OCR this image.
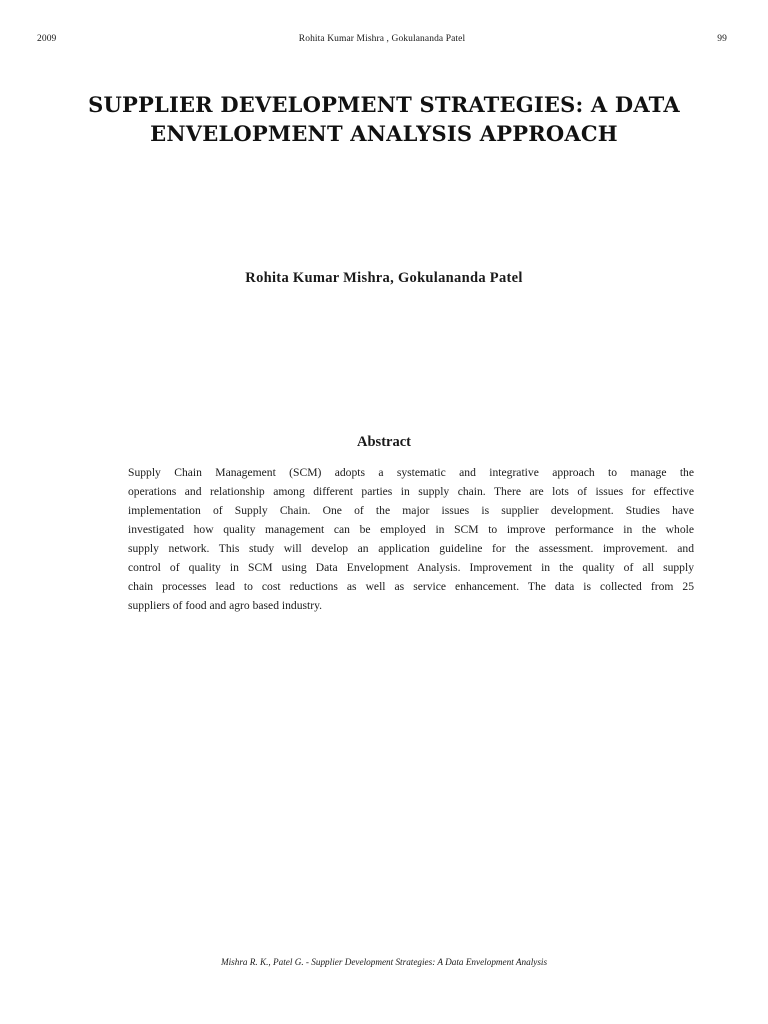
2009	Rohita Kumar Mishra , Gokulananda Patel	99
SUPPLIER DEVELOPMENT STRATEGIES: A DATA
ENVELOPMENT ANALYSIS APPROACH
Rohita Kumar Mishra, Gokulananda Patel
Abstract
Supply Chain Management (SCM) adopts a systematic and integrative approach to manage the
operations and relationship among different parties in supply chain. There are lots of issues for effective
implementation of Supply Chain. One of the major issues is supplier development. Studies have
investigated how quality management can be employed in SCM to improve performance in the whole
supply network. This study will develop an application guideline for the assessment. improvement. and
control of quality in SCM using Data Envelopment Analysis. Improvement in the quality of all supply
chain processes lead to cost reductions as well as service enhancement. The data is collected from 25
suppliers of food and agro based industry.
Mishra R. K., Patel G. - Supplier Development Strategies: A Data Envelopment Analysis
